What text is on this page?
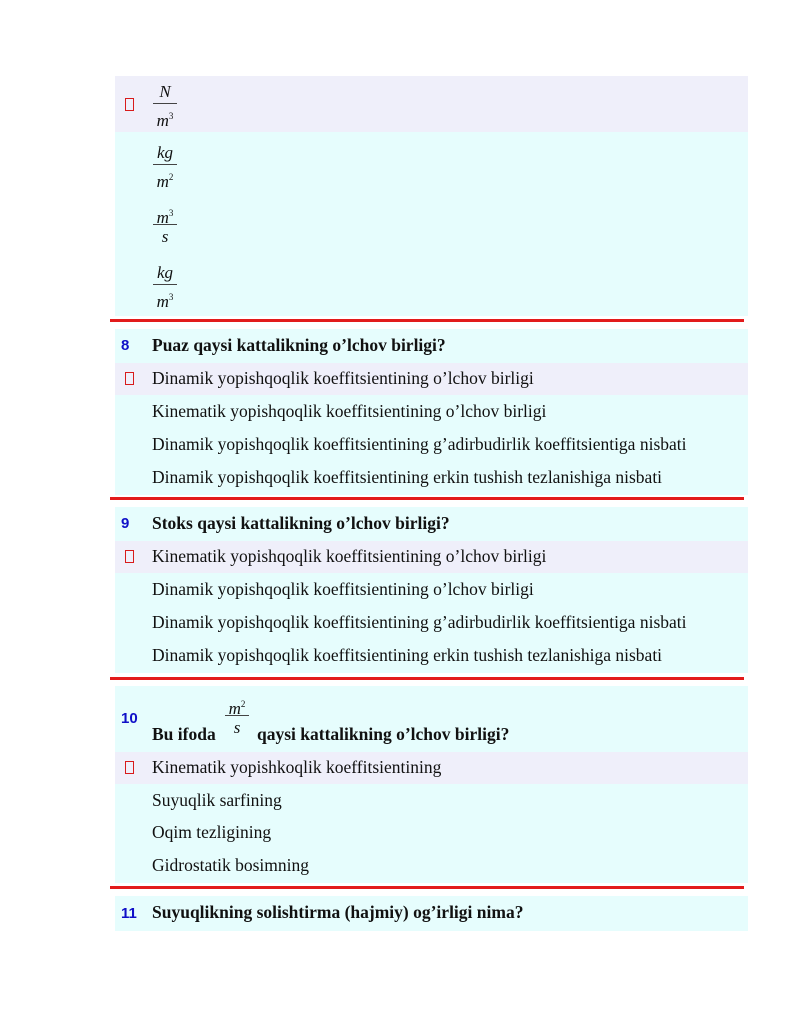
N
$m^3$
kg
$m^2$
$m^3$
s
kg
$m^3$
8	Puaz qaysi kattalikning o’lchov birligi?
Dinamik yopishqoqlik koeffitsientining o’lchov birligi
Kinematik yopishqoqlik koeffitsientining o’lchov birligi
Dinamik yopishqoqlik koeffitsientining g’adirbudirlik koeffitsientiga nisbati
Dinamik yopishqoqlik koeffitsientining erkin tushish tezlanishiga nisbati
9	Stoks qaysi kattalikning o’lchov birligi?
Kinematik yopishqoqlik koeffitsientining o’lchov birligi
Dinamik yopishqoqlik koeffitsientining o’lchov birligi
Dinamik yopishqoqlik koeffitsientining g’adirbudirlik koeffitsientiga nisbati
Dinamik yopishqoqlik koeffitsientining erkin tushish tezlanishiga nisbati
10
Bu ifoda
$m^2$
s qaysi kattalikning o’lchov birligi?
Kinematik yopishkoqlik koeffitsientining
Suyuqlik sarfining
Oqim tezligining
Gidrostatik bosimning
11 Suyuqlikning solishtirma (hajmiy) og’irligi nima?
